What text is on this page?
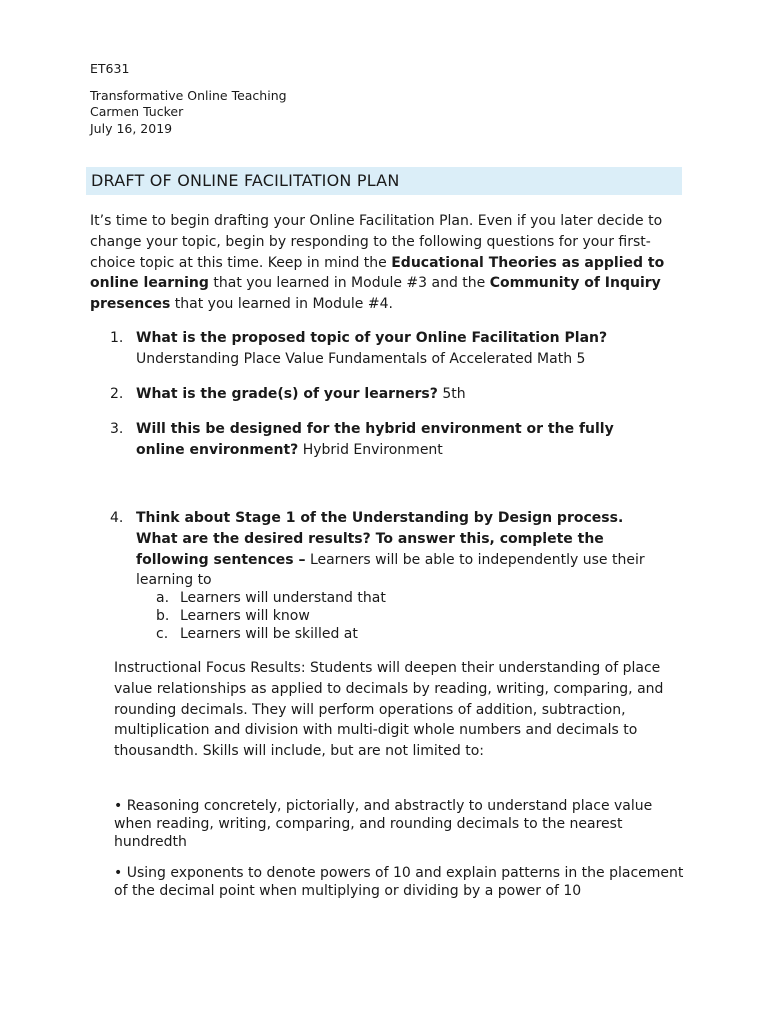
ET631

Transformative Online Teaching

Carmen Tucker

July 16, 2019

DRAFT OF ONLINE FACILITATION PLAN

It’s time to begin drafting your Online Facilitation Plan. Even if you later decide to change your topic, begin by responding to the following questions for your first-choice topic at this time. Keep in mind the Educational Theories as applied to online learning that you learned in Module #3 and the Community of Inquiry presences that you learned in Module #4.

1. What is the proposed topic of your Online Facilitation Plan?
Understanding Place Value Fundamentals of Accelerated Math 5
2. What is the grade(s) of your learners? 5th
3. Will this be designed for the hybrid environment or the fully online environment? Hybrid Environment
4. Think about Stage 1 of the Understanding by Design process. What are the desired results? To answer this, complete the following sentences – Learners will be able to independently use their learning to
a. Learners will understand that
b. Learners will know
c. Learners will be skilled at

Instructional Focus Results: Students will deepen their understanding of place value relationships as applied to decimals by reading, writing, comparing, and rounding decimals. They will perform operations of addition, subtraction, multiplication and division with multi-digit whole numbers and decimals to thousandth. Skills will include, but are not limited to:

• Reasoning concretely, pictorially, and abstractly to understand place value when reading, writing, comparing, and rounding decimals to the nearest hundredth

• Using exponents to denote powers of 10 and explain patterns in the placement of the decimal point when multiplying or dividing by a power of 10
